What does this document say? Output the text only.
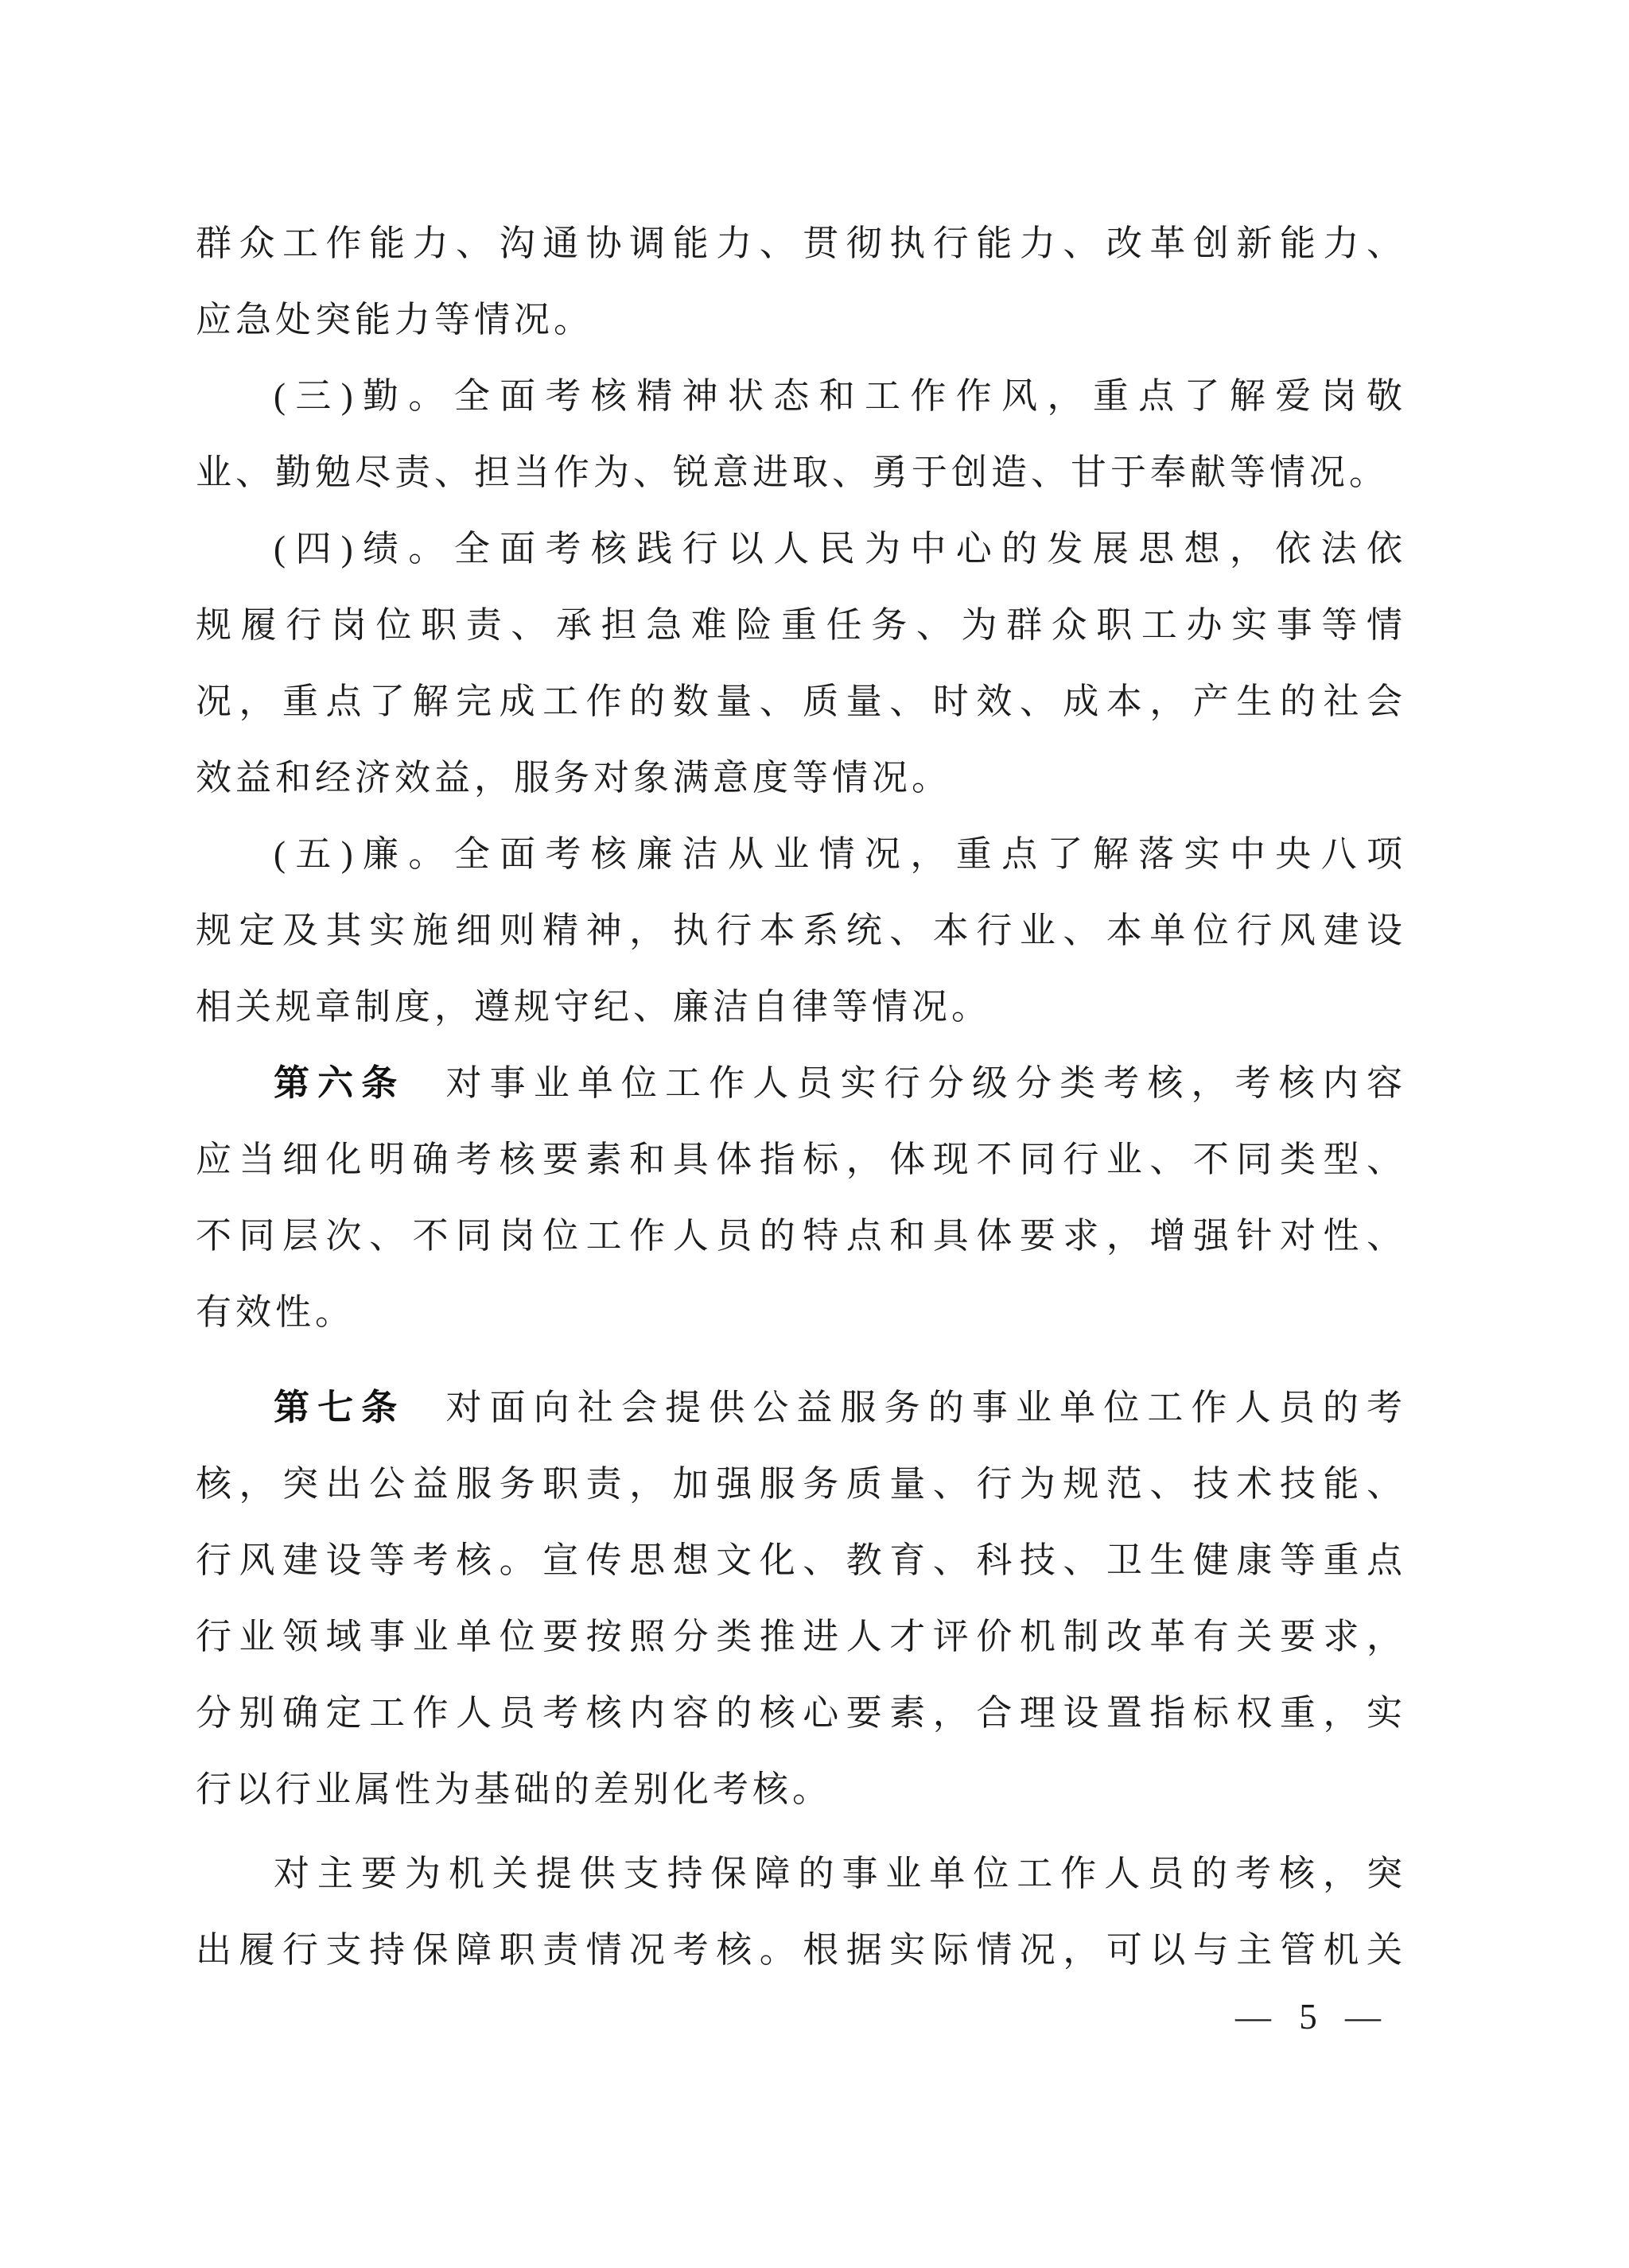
群众工作能力、沟通协调能力、贯彻执行能力、改革创新能力、
应急处突能力等情况。

(三)勤。全面考核精神状态和工作作风，重点了解爱岗敬
业、勤勉尽责、担当作为、锐意进取、勇于创造、甘于奉献等情况。

(四)绩。全面考核践行以人民为中心的发展思想，依法依
规履行岗位职责、承担急难险重任务、为群众职工办实事等情
况，重点了解完成工作的数量、质量、时效、成本，产生的社会
效益和经济效益，服务对象满意度等情况。

(五)廉。全面考核廉洁从业情况，重点了解落实中央八项
规定及其实施细则精神，执行本系统、本行业、本单位行风建设
相关规章制度，遵规守纪、廉洁自律等情况。

第六条 对事业单位工作人员实行分级分类考核，考核内容
应当细化明确考核要素和具体指标，体现不同行业、不同类型、
不同层次、不同岗位工作人员的特点和具体要求，增强针对性、
有效性。

第七条 对面向社会提供公益服务的事业单位工作人员的考
核，突出公益服务职责，加强服务质量、行为规范、技术技能、
行风建设等考核。宣传思想文化、教育、科技、卫生健康等重点
行业领域事业单位要按照分类推进人才评价机制改革有关要求，
分别确定工作人员考核内容的核心要素，合理设置指标权重，实
行以行业属性为基础的差别化考核。

对主要为机关提供支持保障的事业单位工作人员的考核，突
出履行支持保障职责情况考核。根据实际情况，可以与主管机关

— 5 —
